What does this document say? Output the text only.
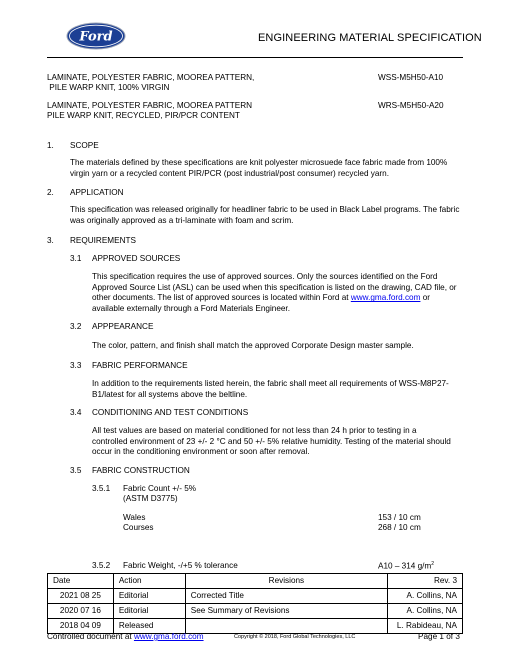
Ford	ENGINEERING MATERIAL SPECIFICATION
LAMINATE, POLYESTER FABRIC, MOOREA PATTERN,
PILE WARP KNIT, 100% VIRGIN
WSS-M5H50-A10
LAMINATE, POLYESTER FABRIC, MOOREA PATTERN
PILE WARP KNIT, RECYCLED, PIR/PCR CONTENT
WRS-M5H50-A20
1. SCOPE
The materials defined by these specifications are knit polyester microsuede face fabric made from 100% virgin yarn or a recycled content PIR/PCR (post industrial/post consumer) recycled yarn.
2. APPLICATION
This specification was released originally for headliner fabric to be used in Black Label programs. The fabric was originally approved as a tri-laminate with foam and scrim.
3. REQUIREMENTS
3.1 APPROVED SOURCES
This specification requires the use of approved sources. Only the sources identified on the Ford Approved Source List (ASL) can be used when this specification is listed on the drawing, CAD file, or other documents. The list of approved sources is located within Ford at www.gma.ford.com or available externally through a Ford Materials Engineer.
3.2 APPPEARANCE
The color, pattern, and finish shall match the approved Corporate Design master sample.
3.3 FABRIC PERFORMANCE
In addition to the requirements listed herein, the fabric shall meet all requirements of WSS-M8P27-B1/latest for all systems above the beltline.
3.4 CONDITIONING AND TEST CONDITIONS
All test values are based on material conditioned for not less than 24 h prior to testing in a controlled environment of 23 +/- 2 °C and 50 +/- 5% relative humidity. Testing of the material should occur in the conditioning environment or soon after removal.
3.5 FABRIC CONSTRUCTION
3.5.1 Fabric Count +/- 5%
(ASTM D3775)
Wales	153 / 10 cm
Courses	268 / 10 cm
3.5.2 Fabric Weight, -/+5 % tolerance	A10 – 314 $g/m^2$
Date	Action	Revisions	Rev. 3
2021 08 25	Editorial	Corrected Title	A. Collins, NA
2020 07 16	Editorial	See Summary of Revisions	A. Collins, NA
2018 04 09	Released		L. Rabideau, NA
Controlled document at www.gma.ford.com	Copyright © 2018, Ford Global Technologies, LLC	Page 1 of 3
